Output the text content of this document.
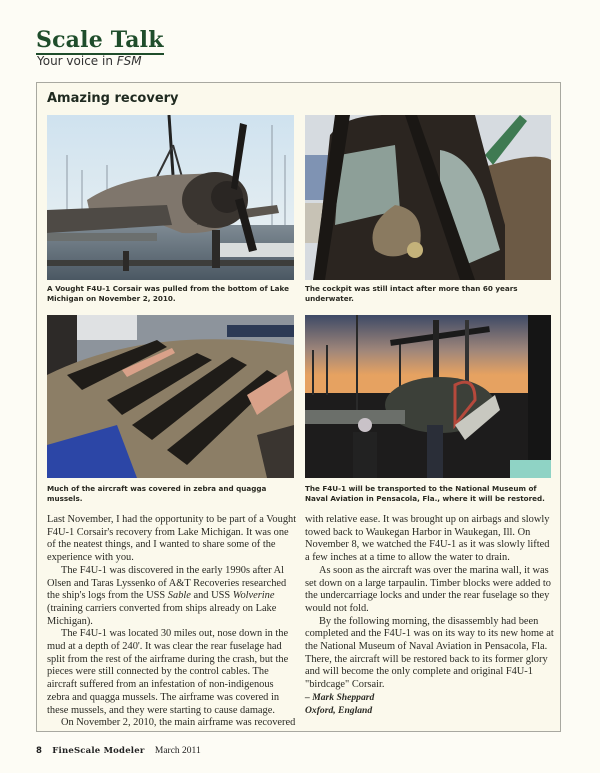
Scale Talk
Your voice in FSM
Amazing recovery
A Vought F4U-1 Corsair was pulled from the bottom of Lake Michigan on November 2, 2010.
The cockpit was still intact after more than 60 years underwater.
Much of the aircraft was covered in zebra and quagga mussels.
The F4U-1 will be transported to the National Museum of Naval Aviation in Pensacola, Fla., where it will be restored.

Last November, I had the opportunity to be part of a Vought F4U-1 Corsair's recovery from Lake Michigan. It was one of the neatest things, and I wanted to share some of the experience with you.

The F4U-1 was discovered in the early 1990s after Al Olsen and Taras Lyssenko of A&T Recoveries researched the ship's logs from the USS Sable and USS Wolverine (training carriers converted from ships already on Lake Michigan).

The F4U-1 was located 30 miles out, nose down in the mud at a depth of 240'. It was clear the rear fuselage had split from the rest of the airframe during the crash, but the pieces were still connected by the control cables. The aircraft suffered from an infestation of non-indigenous zebra and quagga mussels. The airframe was covered in these mussels, and they were starting to cause damage.

On November 2, 2010, the main airframe was recovered

with relative ease. It was brought up on airbags and slowly towed back to Waukegan Harbor in Waukegan, Ill. On November 8, we watched the F4U-1 as it was slowly lifted a few inches at a time to allow the water to drain.

As soon as the aircraft was over the marina wall, it was set down on a large tarpaulin. Timber blocks were added to the undercarriage locks and under the rear fuselage so they would not fold.

By the following morning, the disassembly had been completed and the F4U-1 was on its way to its new home at the National Museum of Naval Aviation in Pensacola, Fla. There, the aircraft will be restored back to its former glory and will become the only complete and original F4U-1 "birdcage" Corsair.

– Mark Sheppard

Oxford, England

8 FineScale Modeler March 2011
